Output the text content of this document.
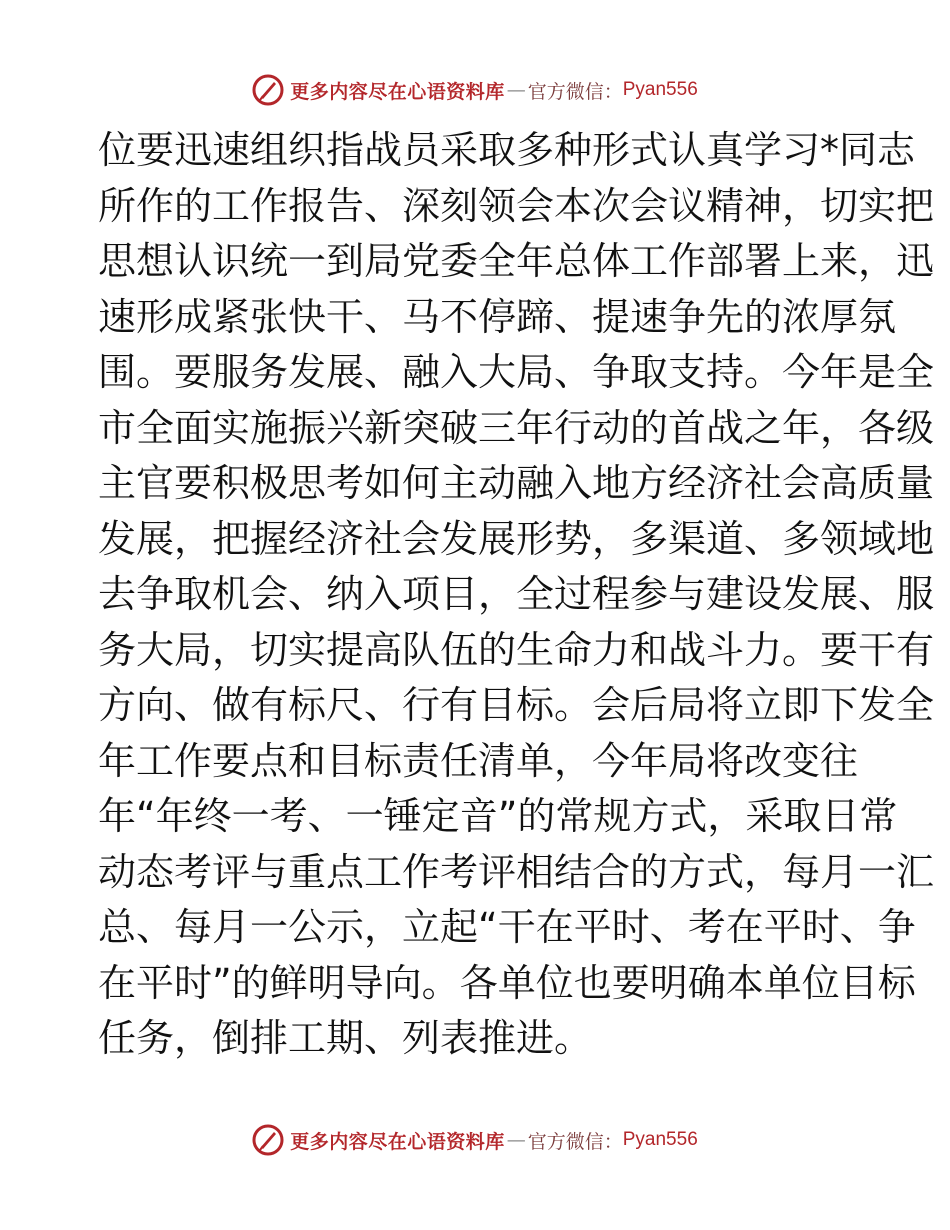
更多内容尽在心语资料库 — 官方微信： Pyan556
位要迅速组织指战员采取多种形式认真学习*同志
所作的工作报告、深刻领会本次会议精神，切实把
思想认识统一到局党委全年总体工作部署上来，迅
速形成紧张快干、马不停蹄、提速争先的浓厚氛
围。要服务发展、融入大局、争取支持。今年是全
市全面实施振兴新突破三年行动的首战之年，各级
主官要积极思考如何主动融入地方经济社会高质量
发展，把握经济社会发展形势，多渠道、多领域地
去争取机会、纳入项目，全过程参与建设发展、服
务大局，切实提高队伍的生命力和战斗力。要干有
方向、做有标尺、行有目标。会后局将立即下发全
年工作要点和目标责任清单，今年局将改变往
年“年终一考、一锤定音”的常规方式，采取日常
动态考评与重点工作考评相结合的方式，每月一汇
总、每月一公示，立起“干在平时、考在平时、争
在平时”的鲜明导向。各单位也要明确本单位目标
任务，倒排工期、列表推进。
更多内容尽在心语资料库 — 官方微信： Pyan556
